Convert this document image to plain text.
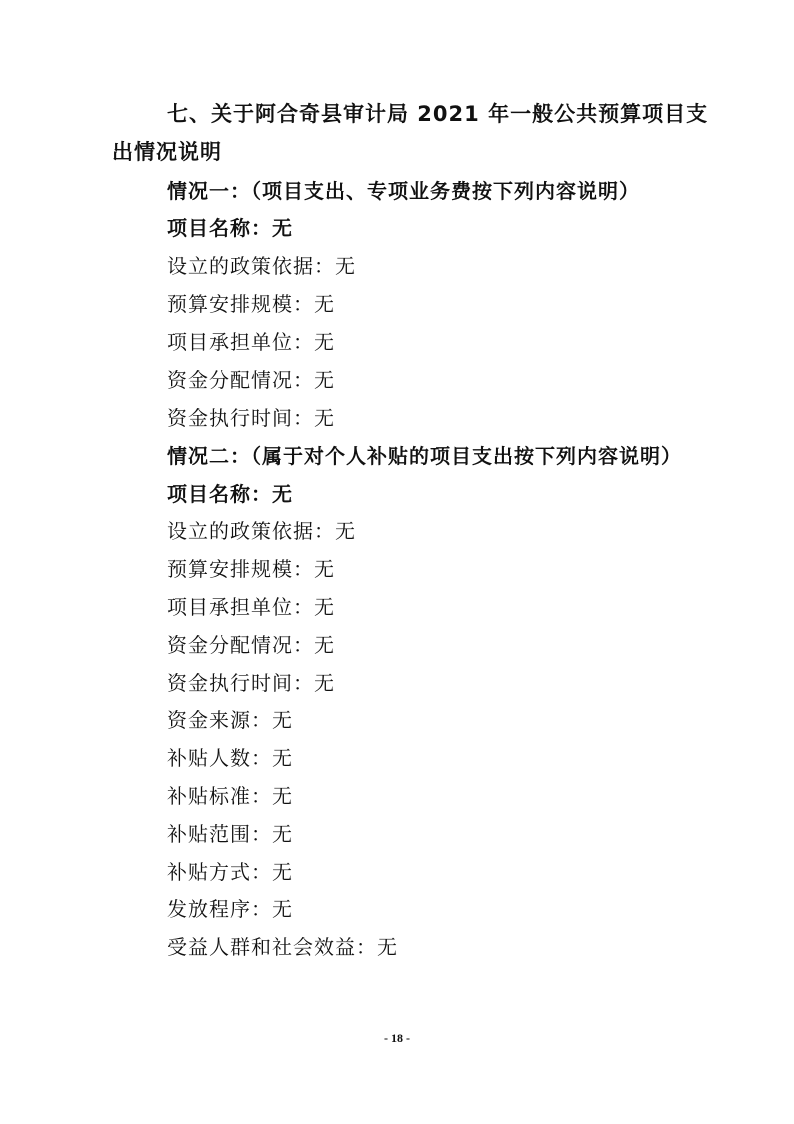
七、关于阿合奇县审计局 2021 年一般公共预算项目支
出情况说明
情况一：（项目支出、专项业务费按下列内容说明）
项目名称：无
设立的政策依据：无
预算安排规模：无
项目承担单位：无
资金分配情况：无
资金执行时间：无
情况二：（属于对个人补贴的项目支出按下列内容说明）
项目名称：无
设立的政策依据：无
预算安排规模：无
项目承担单位：无
资金分配情况：无
资金执行时间：无
资金来源：无
补贴人数：无
补贴标准：无
补贴范围：无
补贴方式：无
发放程序：无
受益人群和社会效益：无
- 18 -
